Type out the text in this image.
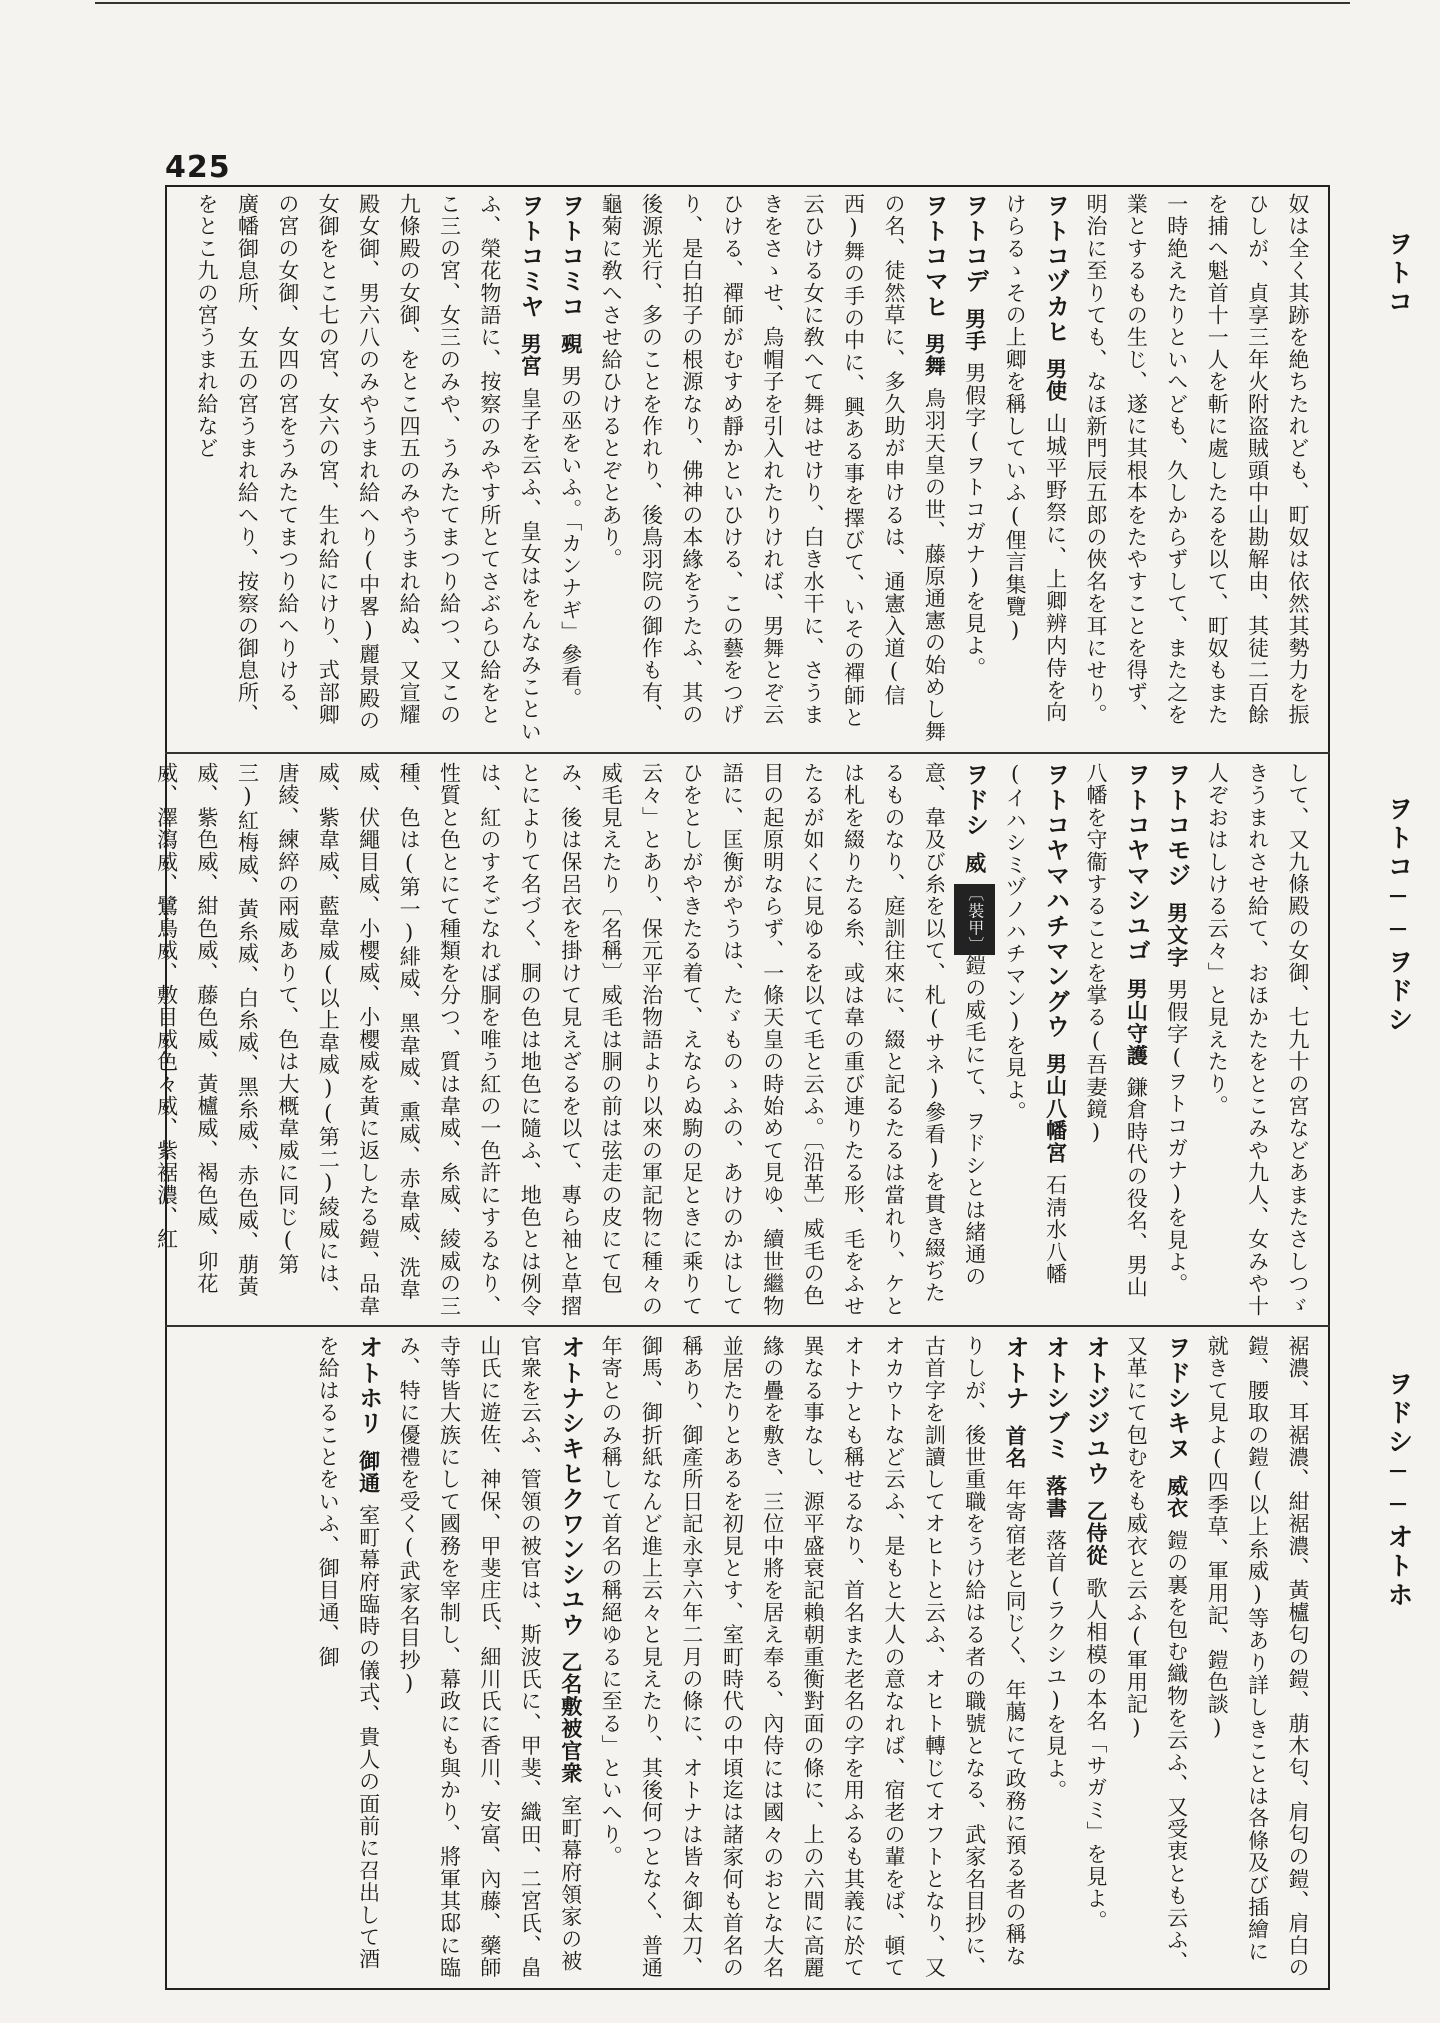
425
ヲトコ
ヲトコ──ヲドシ
ヲドシ──オトホ
奴は全く其跡を絶ちたれども、町奴は依然其勢力を振ひしが、貞享三年火附盗賊頭中山勘解由、其徒二百餘を捕へ魁首十一人を斬に處したるを以て、町奴もまた一時絶えたりといへども、久しからずして、また之を業とするもの生じ、遂に其根本をたやすことを得ず、明治に至りても、なほ新門辰五郎の俠名を耳にせり。
ヲトコヅカヒ男使山城平野祭に、上卿辨内侍を向けらるゝその上卿を稱していふ(俚言集覽)
ヲトコデ男手男假字(ヲトコガナ)を見よ。
ヲトコマヒ男舞鳥羽天皇の世、藤原通憲の始めし舞の名、徒然草に、多久助が申けるは、通憲入道(信西)舞の手の中に、興ある事を擇びて、いその禪師と云ひける女に敎へて舞はせけり、白き水干に、さうまきをさゝせ、烏帽子を引入れたりければ、男舞とぞ云ひける、禪師がむすめ靜かといひける、この藝をつげり、是白拍子の根源なり、佛神の本緣をうたふ、其の後源光行、多のことを作れり、後鳥羽院の御作も有、龜菊に敎へさせ給ひけるとぞとあり。
ヲトコミコ覡男の巫をいふ。「カンナギ」參看。
ヲトコミヤ男宮皇子を云ふ、皇女はをんなみこといふ、榮花物語に、按察のみやす所とてさぶらひ給をとこ三の宮、女三のみや、うみたてまつり給つ、又この九條殿の女御、をとこ四五のみやうまれ給ぬ、又宣耀殿女御、男六八のみやうまれ給へり(中畧)麗景殿の女御をとこ七の宮、女六の宮、生れ給にけり、式部卿の宮の女御、女四の宮をうみたてまつり給へりける、廣幡御息所、女五の宮うまれ給へり、按察の御息所、をとこ九の宮うまれ給など
して、又九條殿の女御、七九十の宮などあまたさしつゞきうまれさせ給て、おほかたをとこみや九人、女みや十人ぞおはしける云々」と見えたり。
ヲトコモジ男文字男假字(ヲトコガナ)を見よ。
ヲトコヤマシユゴ男山守護鎌倉時代の役名、男山八幡を守衞することを掌る(吾妻鏡)
ヲトコヤマハチマングウ男山八幡宮石淸水八幡(イハシミヅノハチマン)を見よ。
ヲドシ威〔裝甲〕鎧の威毛にて、ヲドシとは緒通の意、韋及び糸を以て、札(サネ)參看)を貫き綴ぢたるものなり、庭訓往來に、綴と記るたるは當れり、ケとは札を綴りたる糸、或は韋の重び連りたる形、毛をふせたるが如くに見ゆるを以て毛と云ふ。〔沿革〕威毛の色目の起原明ならず、一條天皇の時始めて見ゆ、續世繼物語に、匡衡がやうは、たゞものゝふの、あけのかはしてひをとしがやきたる着て、えならぬ駒の足ときに乘りて云々」とあり、保元平治物語より以來の軍記物に種々の威毛見えたり〔名稱〕威毛は胴の前は弦走の皮にて包み、後は保呂衣を掛けて見えざるを以て、專ら袖と草摺とによりて名づく、胴の色は地色に隨ふ、地色とは例令は、紅のすそごなれば胴を唯う紅の一色許にするなり、性質と色とにて種類を分つ、質は韋威、糸威、綾威の三種、色は(第一)緋威、黑韋威、熏威、赤韋威、洗韋威、伏繩目威、小櫻威、小櫻威を黃に返したる鎧、品韋威、紫韋威、藍韋威(以上韋威)(第二)綾威には、唐綾、練綷の兩威ありて、色は大概韋威に同じ(第三)紅梅威、黃糸威、白糸威、黑糸威、赤色威、萠黃威、紫色威、紺色威、藤色威、黃櫨威、褐色威、卯花威、澤瀉威、鷺鳥威、敷目威色々威、紫裾濃、紅
裾濃、耳裾濃、紺裾濃、黃櫨匂の鎧、萠木匂、肩匂の鎧、肩白の鎧、腰取の鎧(以上糸威)等あり詳しきことは各條及び插繪に就きて見よ(四季草、軍用記、鎧色談)
ヲドシキヌ威衣鎧の裏を包む織物を云ふ、又受衷とも云ふ、又革にて包むをも威衣と云ふ(軍用記)
オトジジユウ乙侍從歌人相模の本名「サガミ」を見よ。
オトシブミ落書落首(ラクシユ)を見よ。
オトナ首名年寄宿老と同じく、年﨟にて政務に預る者の稱なりしが、後世重職をうけ給はる者の職號となる、武家名目抄に、古首字を訓讀してオヒトと云ふ、オヒト轉じてオフトとなり、又オカウトなど云ふ、是もと大人の意なれば、宿老の輩をば、頓てオトナとも稱せるなり、首名また老名の字を用ふるも其義に於て異なる事なし、源平盛衰記賴朝重衡對面の條に、上の六間に高麗緣の疊を敷き、三位中將を居え奉る、內侍には國々のおとな大名並居たりとあるを初見とす、室町時代の中頃迄は諸家何も首名の稱あり、御產所日記永享六年二月の條に、オトナは皆々御太刀、御馬、御折紙なんど進上云々と見えたり、其後何つとなく、普通年寄とのみ稱して首名の稱絕ゆるに至る」といへり。
オトナシキヒクワンシユウ乙名敷被官衆室町幕府領家の被官衆を云ふ、管領の被官は、斯波氏に、甲斐、織田、二宮氏、畠山氏に遊佐、神保、甲斐庄氏、細川氏に香川、安富、內藤、藥師寺等皆大族にして國務を宰制し、幕政にも與かり、將軍其邸に臨み、特に優禮を受く(武家名目抄)
オトホリ御通室町幕府臨時の儀式、貴人の面前に召出して酒を給はることをいふ、御目通、御
